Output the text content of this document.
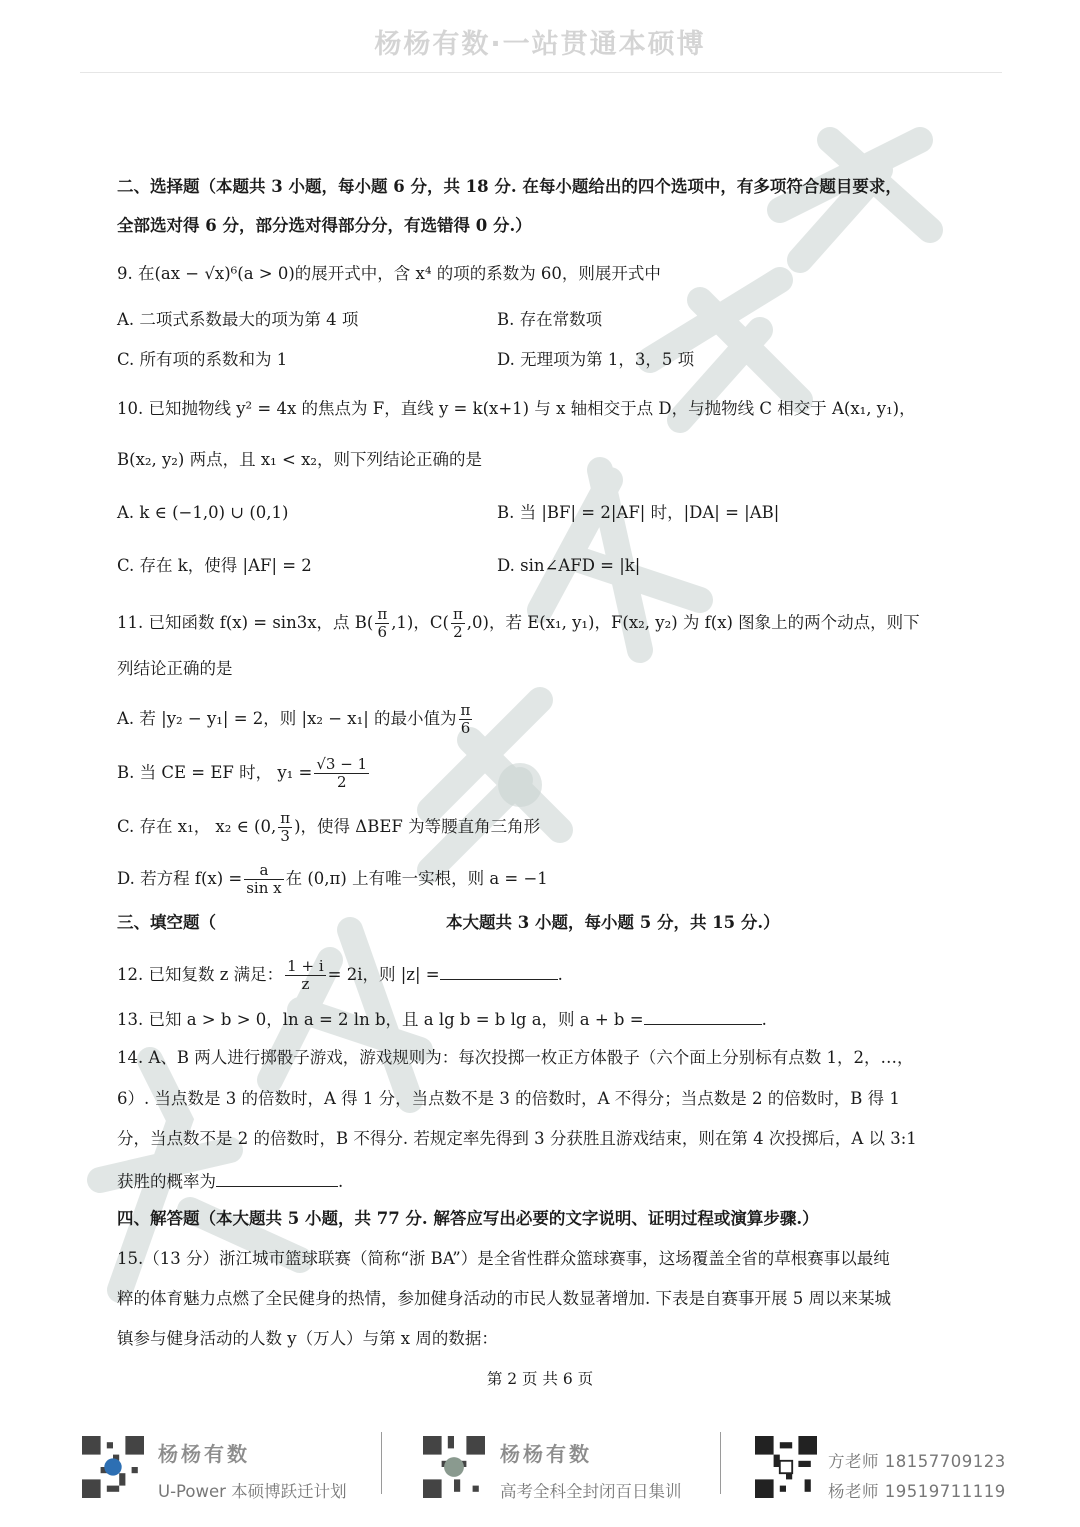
杨杨有数·一站贯通本硕博
二、选择题（本题共 3 小题，每小题 6 分，共 18 分. 在每小题给出的四个选项中，有多项符合题目要求，
全部选对得 6 分，部分选对得部分分，有选错得 0 分.）
9. 在(ax − √x)⁶(a > 0)的展开式中，含 x⁴ 的项的系数为 60，则展开式中
A. 二项式系数最大的项为第 4 项	B. 存在常数项
C. 所有项的系数和为 1	D. 无理项为第 1，3，5 项
10. 已知抛物线 y² = 4x 的焦点为 F，直线 y = k(x+1) 与 x 轴相交于点 D，与抛物线 C 相交于 A(x₁, y₁)，
B(x₂, y₂) 两点，且 x₁ < x₂，则下列结论正确的是
A. k ∈ (−1,0) ∪ (0,1)	B. 当 |BF| = 2|AF| 时，|DA| = |AB|
C. 存在 k，使得 |AF| = 2	D. sin∠AFD = |k|
11. 已知函数 f(x) = sin3x，点 $B( \frac{\pi}{6} ,1)$，$C( \frac{\pi}{2} ,0)$，若 E(x₁, y₁)，F(x₂, y₂) 为 f(x) 图象上的两个动点，则下
列结论正确的是
A. 若 |y₂ − y₁| = 2，则 |x₂ − x₁| 的最小值为 $\frac{\pi}{6}$
B. 当 CE = EF 时， $y_1 = \frac{√3 - 1}{2}$
C. 存在 x₁， x₂ ∈ (0, $\frac{\pi}{3}$ )，使得 ΔBEF 为等腰直角三角形
D. 若方程 $f(x) = \frac{a}{\text{sin x}}$ 在 (0,π) 上有唯一实根，则 a = −1
三、填空题（	本大题共 3 小题，每小题 5 分，共 15 分.）
12. 已知复数 z 满足： $\frac{1 + i}{z} = 2i$，则 |z| =	.
13. 已知 a > b > 0，ln a = 2 ln b，且 a lg b = b lg a，则 a + b =	.
14. A、B 两人进行掷骰子游戏，游戏规则为：每次投掷一枚正方体骰子（六个面上分别标有点数 1，2，…，
6）. 当点数是 3 的倍数时，A 得 1 分，当点数不是 3 的倍数时，A 不得分；当点数是 2 的倍数时，B 得 1
分，当点数不是 2 的倍数时，B 不得分. 若规定率先得到 3 分获胜且游戏结束，则在第 4 次投掷后，A 以 3:1
获胜的概率为	.
四、解答题（本大题共 5 小题，共 77 分. 解答应写出必要的文字说明、证明过程或演算步骤.）
15.（13 分）浙江城市篮球联赛（简称“浙 BA”）是全省性群众篮球赛事，这场覆盖全省的草根赛事以最纯
粹的体育魅力点燃了全民健身的热情，参加健身活动的市民人数显著增加. 下表是自赛事开展 5 周以来某城
镇参与健身活动的人数 y（万人）与第 x 周的数据：
第 2 页 共 6 页
杨杨有数
U-Power 本硕博跃迁计划
杨杨有数
高考全科全封闭百日集训
方老师 18157709123
杨老师 19519711119
